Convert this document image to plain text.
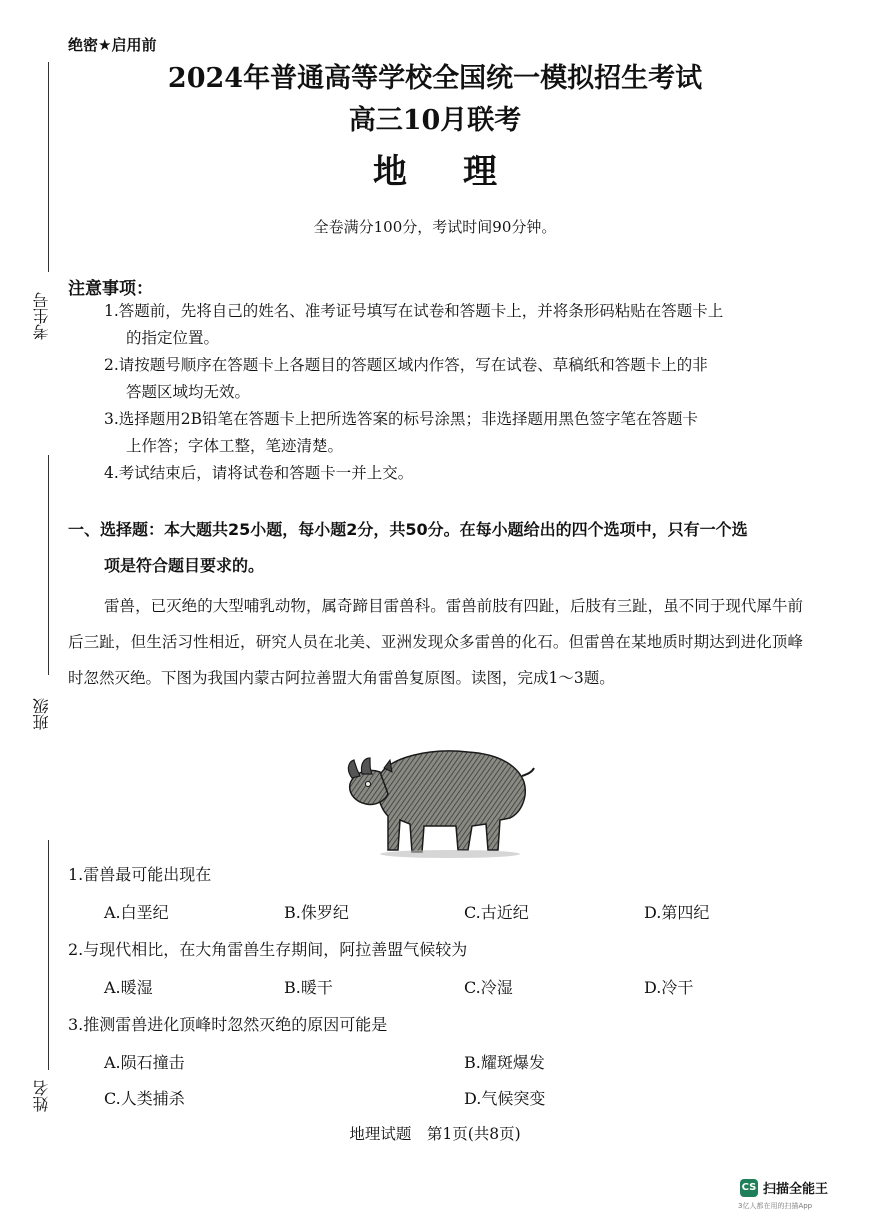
考生号
班级
姓名
绝密★启用前
2024年普通高等学校全国统一模拟招生考试
高三10月联考
地理
全卷满分100分，考试时间90分钟。
注意事项：
1.答题前，先将自己的姓名、准考证号填写在试卷和答题卡上，并将条形码粘贴在答题卡上
的指定位置。
2.请按题号顺序在答题卡上各题目的答题区域内作答，写在试卷、草稿纸和答题卡上的非
答题区域均无效。
3.选择题用2B铅笔在答题卡上把所选答案的标号涂黑；非选择题用黑色签字笔在答题卡
上作答；字体工整，笔迹清楚。
4.考试结束后，请将试卷和答题卡一并上交。
一、选择题：本大题共25小题，每小题2分，共50分。在每小题给出的四个选项中，只有一个选
项是符合题目要求的。
雷兽，已灭绝的大型哺乳动物，属奇蹄目雷兽科。雷兽前肢有四趾，后肢有三趾，虽不同于现代犀牛前后三趾，但生活习性相近，研究人员在北美、亚洲发现众多雷兽的化石。但雷兽在某地质时期达到进化顶峰时忽然灭绝。下图为我国内蒙古阿拉善盟大角雷兽复原图。读图，完成1～3题。
1.雷兽最可能出现在
A.白垩纪	B.侏罗纪	C.古近纪	D.第四纪
2.与现代相比，在大角雷兽生存期间，阿拉善盟气候较为
A.暖湿	B.暖干	C.冷湿	D.冷干
3.推测雷兽进化顶峰时忽然灭绝的原因可能是
A.陨石撞击	B.耀斑爆发
C.人类捕杀	D.气候突变
地理试题　第1页(共8页)
CS 扫描全能王
3亿人都在用的扫描App
